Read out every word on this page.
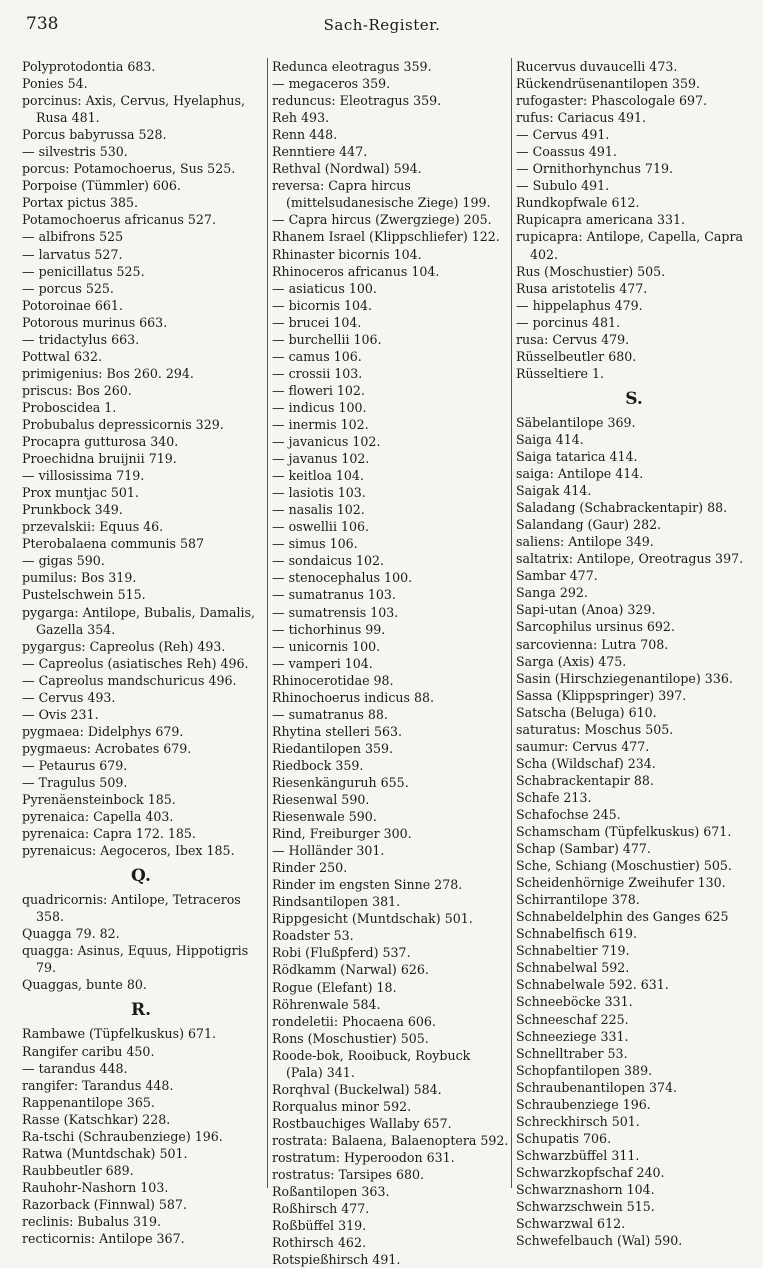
738	Sach-Register.
Polyprotodontia 683.
Ponies 54.
porcinus: Axis, Cervus, Hyelaphus, Rusa 481.
Porcus babyrussa 528.
— silvestris 530.
porcus: Potamochoerus, Sus 525.
Porpoise (Tümmler) 606.
Portax pictus 385.
Potamochoerus africanus 527.
— albifrons 525
— larvatus 527.
— penicillatus 525.
— porcus 525.
Potoroinae 661.
Potorous murinus 663.
— tridactylus 663.
Pottwal 632.
primigenius: Bos 260. 294.
priscus: Bos 260.
Proboscidea 1.
Probubalus depressicornis 329.
Procapra gutturosa 340.
Proechidna bruijnii 719.
— villosissima 719.
Prox muntjac 501.
Prunkbock 349.
przevalskii: Equus 46.
Pterobalaena communis 587
— gigas 590.
pumilus: Bos 319.
Pustelschwein 515.
pygarga: Antilope, Bubalis, Damalis, Gazella 354.
pygargus: Capreolus (Reh) 493.
— Capreolus (asiatisches Reh) 496.
— Capreolus mandschuricus 496.
— Cervus 493.
— Ovis 231.
pygmaea: Didelphys 679.
pygmaeus: Acrobates 679.
— Petaurus 679.
— Tragulus 509.
Pyrenäensteinbock 185.
pyrenaica: Capella 403.
pyrenaica: Capra 172. 185.
pyrenaicus: Aegoceros, Ibex 185.
Q.
quadricornis: Antilope, Tetraceros 358.
Quagga 79. 82.
quagga: Asinus, Equus, Hippotigris 79.
Quaggas, bunte 80.
R.
Rambawe (Tüpfelkuskus) 671.
Rangifer caribu 450.
— tarandus 448.
rangifer: Tarandus 448.
Rappenantilope 365.
Rasse (Katschkar) 228.
Ra-tschi (Schraubenziege) 196.
Ratwa (Muntdschak) 501.
Raubbeutler 689.
Rauhohr-Nashorn 103.
Razorback (Finnwal) 587.
reclinis: Bubalus 319.
recticornis: Antilope 367.
Redunca eleotragus 359.
— megaceros 359.
reduncus: Eleotragus 359.
Reh 493.
Renn 448.
Renntiere 447.
Rethval (Nordwal) 594.
reversa: Capra hircus (mittelsudanesische Ziege) 199.
— Capra hircus (Zwergziege) 205.
Rhanem Israel (Klippschliefer) 122.
Rhinaster bicornis 104.
Rhinoceros africanus 104.
— asiaticus 100.
— bicornis 104.
— brucei 104.
— burchellii 106.
— camus 106.
— crossii 103.
— floweri 102.
— indicus 100.
— inermis 102.
— javanicus 102.
— javanus 102.
— keitloa 104.
— lasiotis 103.
— nasalis 102.
— oswellii 106.
— simus 106.
— sondaicus 102.
— stenocephalus 100.
— sumatranus 103.
— sumatrensis 103.
— tichorhinus 99.
— unicornis 100.
— vamperi 104.
Rhinocerotidae 98.
Rhinochoerus indicus 88.
— sumatranus 88.
Rhytina stelleri 563.
Riedantilopen 359.
Riedbock 359.
Riesenkänguruh 655.
Riesenwal 590.
Riesenwale 590.
Rind, Freiburger 300.
— Holländer 301.
Rinder 250.
Rinder im engsten Sinne 278.
Rindsantilopen 381.
Rippgesicht (Muntdschak) 501.
Roadster 53.
Robi (Flußpferd) 537.
Rödkamm (Narwal) 626.
Rogue (Elefant) 18.
Röhrenwale 584.
rondeletii: Phocaena 606.
Rons (Moschustier) 505.
Roode-bok, Rooibuck, Roybuck (Pala) 341.
Rorqhval (Buckelwal) 584.
Rorqualus minor 592.
Rostbauchiges Wallaby 657.
rostrata: Balaena, Balaenoptera 592.
rostratum: Hyperoodon 631.
rostratus: Tarsipes 680.
Roßantilopen 363.
Roßhirsch 477.
Roßbüffel 319.
Rothirsch 462.
Rotspießhirsch 491.
Rucervus duvaucelli 473.
Rückendrüsenantilopen 359.
rufogaster: Phascologale 697.
rufus: Cariacus 491.
— Cervus 491.
— Coassus 491.
— Ornithorhynchus 719.
— Subulo 491.
Rundkopfwale 612.
Rupicapra americana 331.
rupicapra: Antilope, Capella, Capra 402.
Rus (Moschustier) 505.
Rusa aristotelis 477.
— hippelaphus 479.
— porcinus 481.
rusa: Cervus 479.
Rüsselbeutler 680.
Rüsseltiere 1.
S.
Säbelantilope 369.
Saiga 414.
Saiga tatarica 414.
saiga: Antilope 414.
Saigak 414.
Saladang (Schabrackentapir) 88.
Salandang (Gaur) 282.
saliens: Antilope 349.
saltatrix: Antilope, Oreotragus 397.
Sambar 477.
Sanga 292.
Sapi-utan (Anoa) 329.
Sarcophilus ursinus 692.
sarcovienna: Lutra 708.
Sarga (Axis) 475.
Sasin (Hirschziegenantilope) 336.
Sassa (Klippspringer) 397.
Satscha (Beluga) 610.
saturatus: Moschus 505.
saumur: Cervus 477.
Scha (Wildschaf) 234.
Schabrackentapir 88.
Schafe 213.
Schafochse 245.
Schamscham (Tüpfelkuskus) 671.
Schap (Sambar) 477.
Sche, Schiang (Moschustier) 505.
Scheidenhörnige Zweihufer 130.
Schirrantilope 378.
Schnabeldelphin des Ganges 625
Schnabelfisch 619.
Schnabeltier 719.
Schnabelwal 592.
Schnabelwale 592. 631.
Schneeböcke 331.
Schneeschaf 225.
Schneeziege 331.
Schnelltraber 53.
Schopfantilopen 389.
Schraubenantilopen 374.
Schraubenziege 196.
Schreckhirsch 501.
Schupatis 706.
Schwarzbüffel 311.
Schwarzkopfschaf 240.
Schwarznashorn 104.
Schwarzschwein 515.
Schwarzwal 612.
Schwefelbauch (Wal) 590.
